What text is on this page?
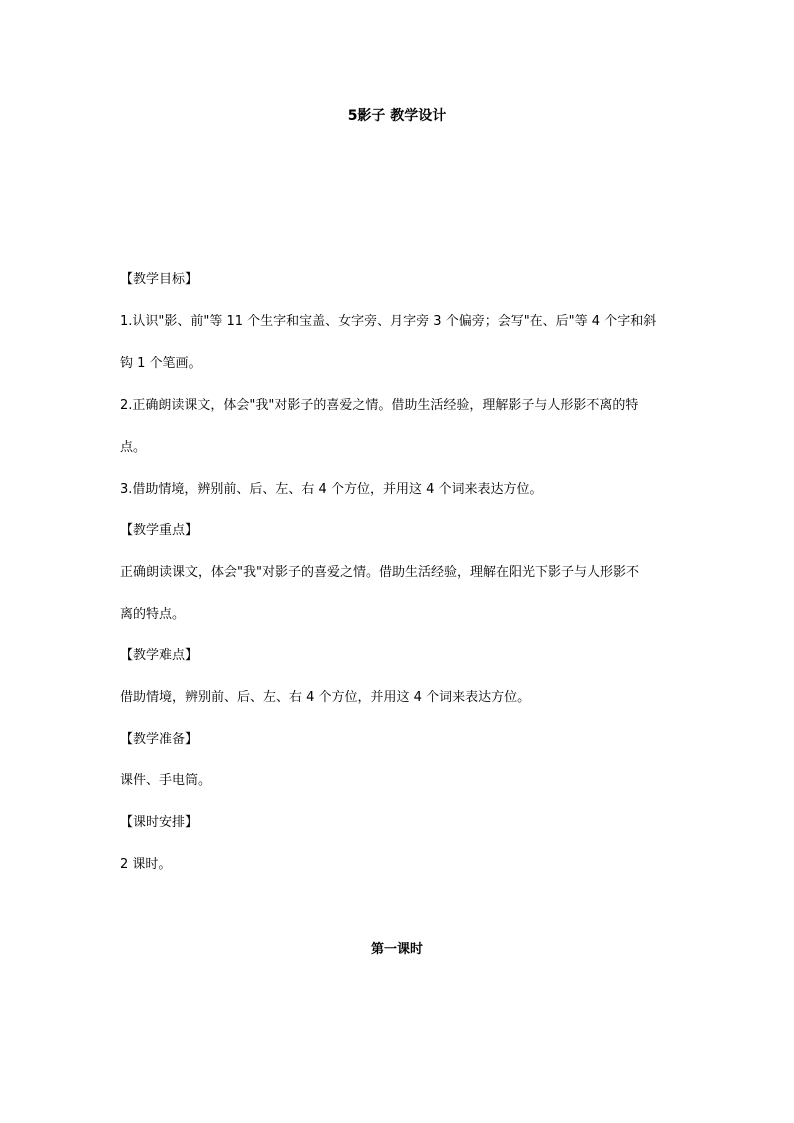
5影子 教学设计
【教学目标】
1.认识"影、前"等 11 个生字和宝盖、女字旁、月字旁 3 个偏旁；会写"在、后"等 4 个字和斜
钩 1 个笔画。
2.正确朗读课文，体会"我"对影子的喜爱之情。借助生活经验，理解影子与人形影不离的特
点。
3.借助情境，辨别前、后、左、右 4 个方位，并用这 4 个词来表达方位。
【教学重点】
正确朗读课文，体会"我"对影子的喜爱之情。借助生活经验，理解在阳光下影子与人形影不
离的特点。
【教学难点】
借助情境，辨别前、后、左、右 4 个方位，并用这 4 个词来表达方位。
【教学准备】
课件、手电筒。
【课时安排】
2 课时。
第一课时
